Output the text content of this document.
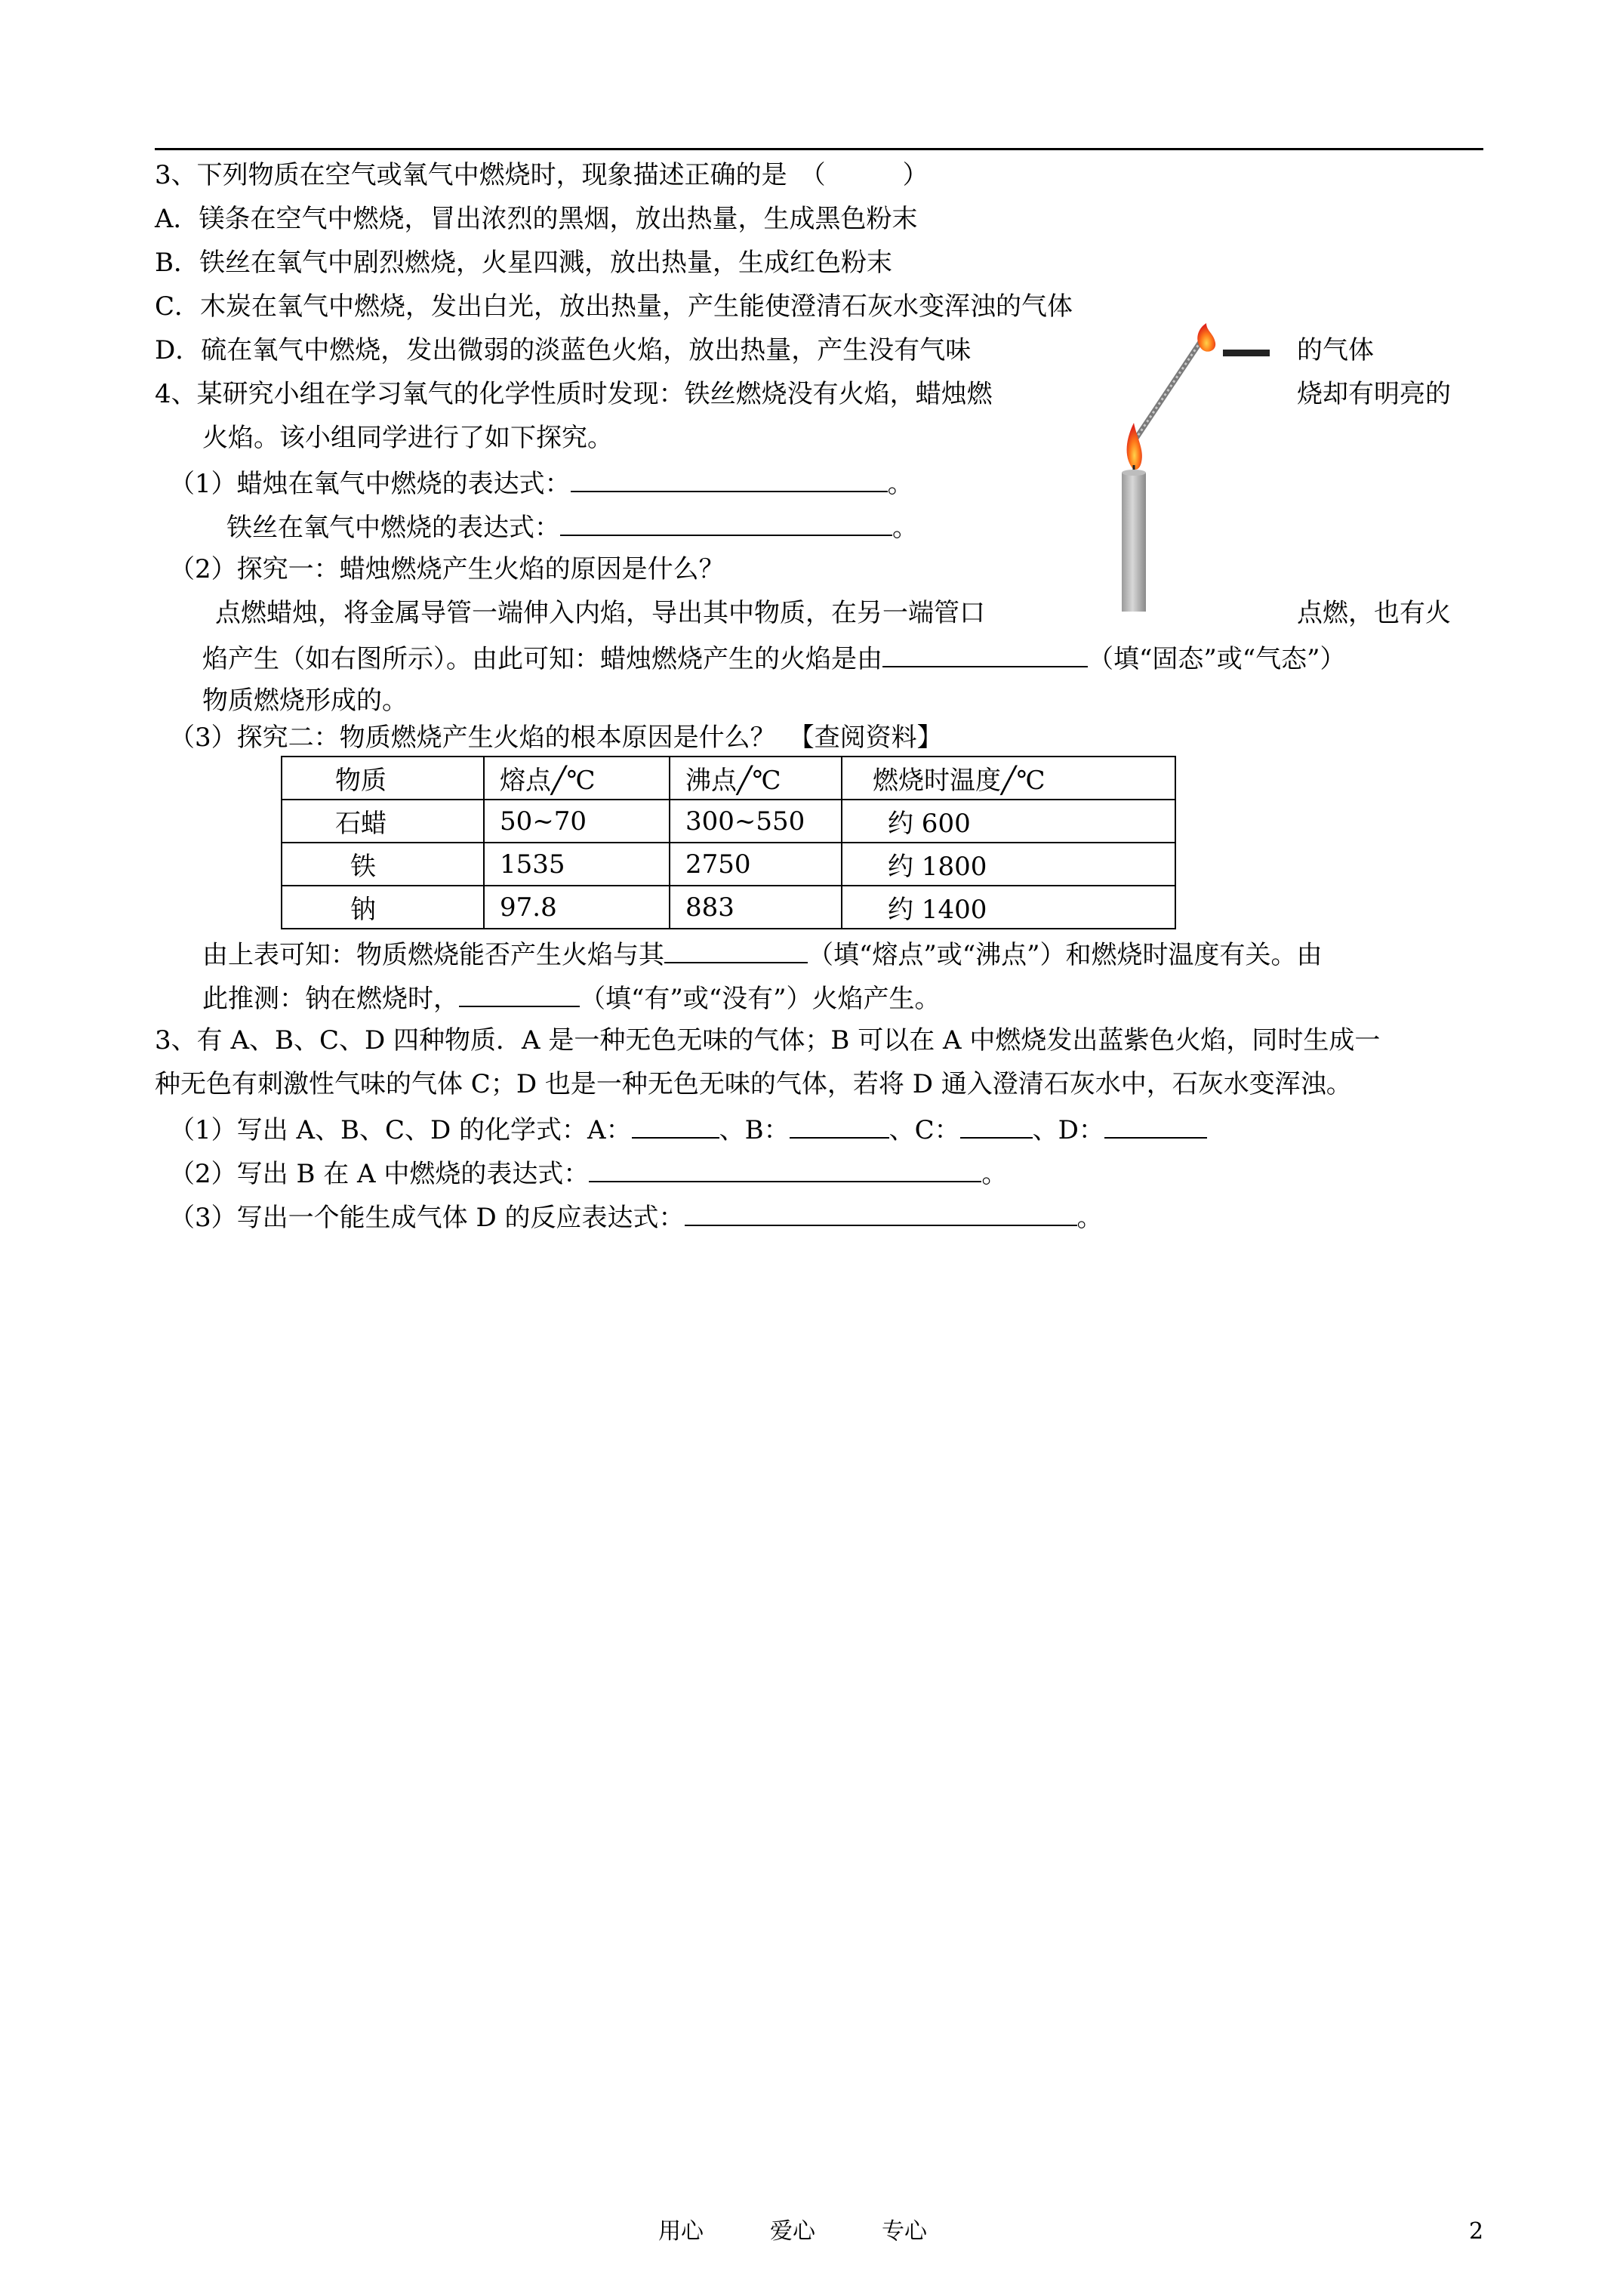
3、下列物质在空气或氧气中燃烧时，现象描述正确的是　（　　　）
A．镁条在空气中燃烧，冒出浓烈的黑烟，放出热量，生成黑色粉末
B．铁丝在氧气中剧烈燃烧，火星四溅，放出热量，生成红色粉末
C．木炭在氧气中燃烧，发出白光，放出热量，产生能使澄清石灰水变浑浊的气体
D．硫在氧气中燃烧，发出微弱的淡蓝色火焰，放出热量，产生没有气味	的气体
4、某研究小组在学习氧气的化学性质时发现：铁丝燃烧没有火焰，蜡烛燃	烧却有明亮的
火焰。该小组同学进行了如下探究。
（1）蜡烛在氧气中燃烧的表达式：	。
铁丝在氧气中燃烧的表达式：	。
（2）探究一：蜡烛燃烧产生火焰的原因是什么？
点燃蜡烛，将金属导管一端伸入内焰，导出其中物质，在另一端管口	点燃，也有火
焰产生（如右图所示）。由此可知：蜡烛燃烧产生的火焰是由	（填“固态”或“气态”）
物质燃烧形成的。
（3）探究二：物质燃烧产生火焰的根本原因是什么？　【查阅资料】
物质	熔点╱℃	沸点╱℃	燃烧时温度╱℃
石蜡	50~70	300~550	约 600
铁	1535	2750	约 1800
钠	97.8	883	约 1400
由上表可知：物质燃烧能否产生火焰与其	（填“熔点”或“沸点”）和燃烧时温度有关。由
此推测：钠在燃烧时，	（填“有”或“没有”）火焰产生。
3、有 A、B、C、D 四种物质．A 是一种无色无味的气体；B 可以在 A 中燃烧发出蓝紫色火焰，同时生成一
种无色有刺激性气味的气体 C；D 也是一种无色无味的气体，若将 D 通入澄清石灰水中，石灰水变浑浊。
（1）写出 A、B、C、D 的化学式：A：	、B：	、C：	、D：
（2）写出 B 在 A 中燃烧的表达式：	。
（3）写出一个能生成气体 D 的反应表达式：	。
用心	爱心	专心	2
